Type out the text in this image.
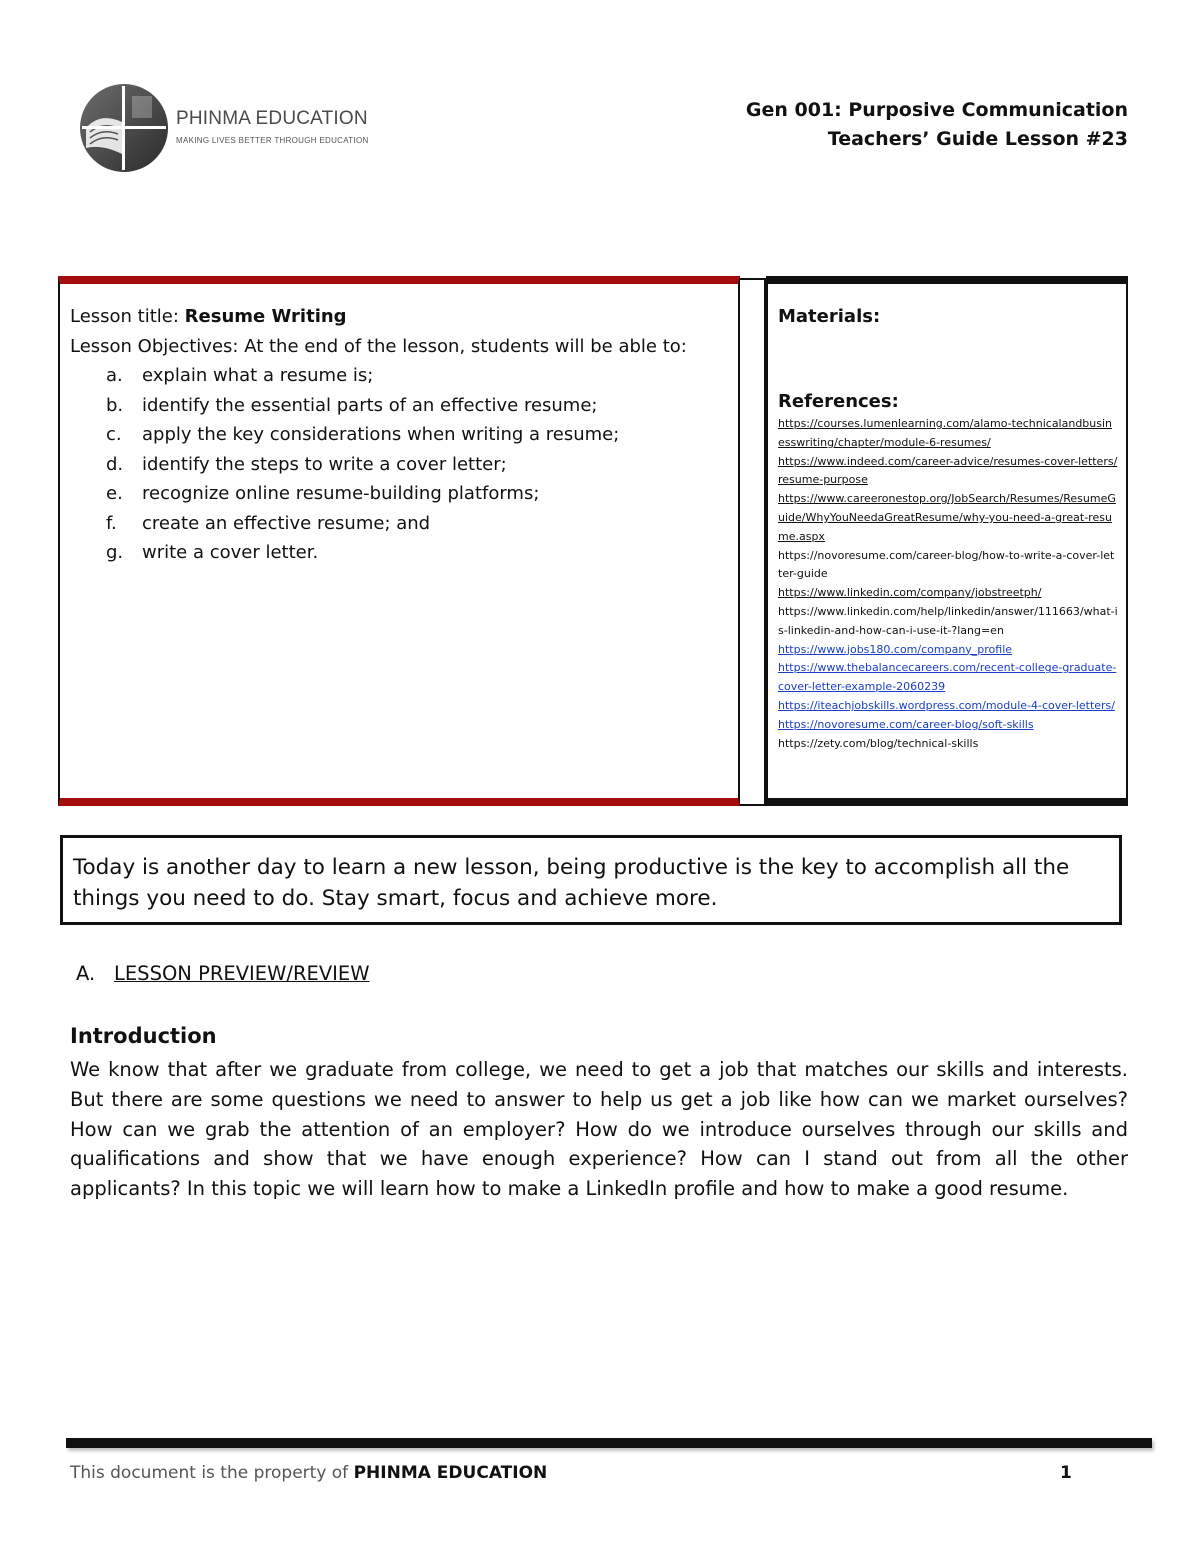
PHINMA EDUCATION
MAKING LIVES BETTER THROUGH EDUCATION
Gen 001: Purposive Communication
Teachers’ Guide Lesson #23
Lesson title: Resume Writing
Lesson Objectives: At the end of the lesson, students will be able to:
a. explain what a resume is;
b. identify the essential parts of an effective resume;
c. apply the key considerations when writing a resume;
d. identify the steps to write a cover letter;
e. recognize online resume-building platforms;
f. create an effective resume; and
g. write a cover letter.
Materials:
References:
https://courses.lumenlearning.com/alamo-technicalandbusinesswriting/chapter/module-6-resumes/
https://www.indeed.com/career-advice/resumes-cover-letters/resume-purpose
https://www.careeronestop.org/JobSearch/Resumes/ResumeGuide/WhyYouNeedaGreatResume/why-you-need-a-great-resume.aspx
https://novoresume.com/career-blog/how-to-write-a-cover-letter-guide
https://www.linkedin.com/company/jobstreetph/
https://www.linkedin.com/help/linkedin/answer/111663/what-is-linkedin-and-how-can-i-use-it-?lang=en
https://www.jobs180.com/company_profile
https://www.thebalancecareers.com/recent-college-graduate-cover-letter-example-2060239
https://iteachjobskills.wordpress.com/module-4-cover-letters/
https://novoresume.com/career-blog/soft-skills
https://zety.com/blog/technical-skills
Today is another day to learn a new lesson, being productive is the key to accomplish all the things you need to do. Stay smart, focus and achieve more.
A. LESSON PREVIEW/REVIEW
Introduction
We know that after we graduate from college, we need to get a job that matches our skills and interests. But there are some questions we need to answer to help us get a job like how can we market ourselves? How can we grab the attention of an employer? How do we introduce ourselves through our skills and qualifications and show that we have enough experience? How can I stand out from all the other applicants? In this topic we will learn how to make a LinkedIn profile and how to make a good resume.
This document is the property of PHINMA EDUCATION	1
